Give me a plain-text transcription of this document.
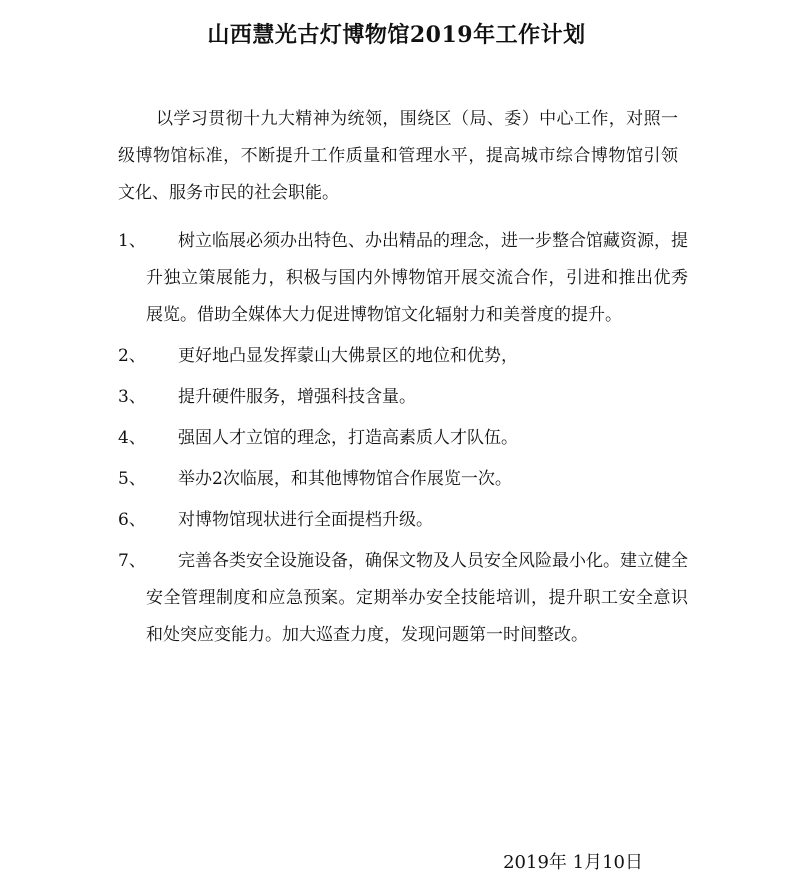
山西慧光古灯博物馆2019年工作计划
以学习贯彻十九大精神为统领，围绕区（局、委）中心工作，对照一级博物馆标准，不断提升工作质量和管理水平，提高城市综合博物馆引领文化、服务市民的社会职能。
1、	树立临展必须办出特色、办出精品的理念，进一步整合馆藏资源，提升独立策展能力，积极与国内外博物馆开展交流合作，引进和推出优秀展览。借助全媒体大力促进博物馆文化辐射力和美誉度的提升。
2、	更好地凸显发挥蒙山大佛景区的地位和优势，
3、	提升硬件服务，增强科技含量。
4、	强固人才立馆的理念，打造高素质人才队伍。
5、	举办2次临展，和其他博物馆合作展览一次。
6、	对博物馆现状进行全面提档升级。
7、	完善各类安全设施设备，确保文物及人员安全风险最小化。建立健全安全管理制度和应急预案。定期举办安全技能培训，提升职工安全意识和处突应变能力。加大巡查力度，发现问题第一时间整改。
2019年 1月10日
